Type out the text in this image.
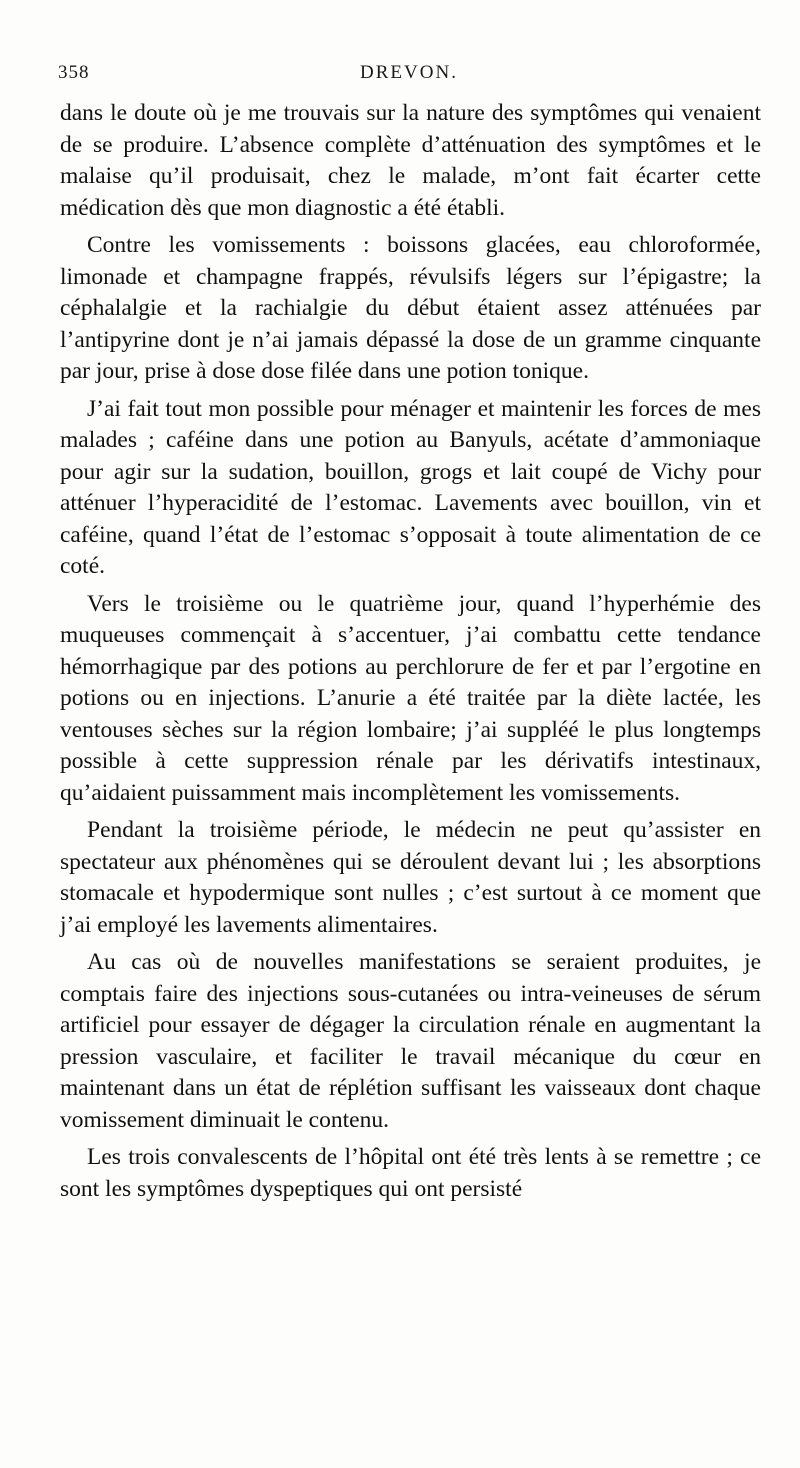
358	DREVON.

dans le doute où je me trouvais sur la nature des symptômes qui venaient de se produire. L’absence complète d’atténuation des symptômes et le malaise qu’il produisait, chez le malade, m’ont fait écarter cette médication dès que mon diagnostic a été établi.

Contre les vomissements : boissons glacées, eau chloroformée, limonade et champagne frappés, révulsifs légers sur l’épigastre; la céphalalgie et la rachialgie du début étaient assez atténuées par l’antipyrine dont je n’ai jamais dépassé la dose de un gramme cinquante par jour, prise à dose dose filée dans une potion tonique.

J’ai fait tout mon possible pour ménager et maintenir les forces de mes malades ; caféine dans une potion au Banyuls, acétate d’ammoniaque pour agir sur la sudation, bouillon, grogs et lait coupé de Vichy pour atténuer l’hyperacidité de l’estomac. Lavements avec bouillon, vin et caféine, quand l’état de l’estomac s’opposait à toute alimentation de ce coté.

Vers le troisième ou le quatrième jour, quand l’hyperhémie des muqueuses commençait à s’accentuer, j’ai combattu cette tendance hémorrhagique par des potions au perchlorure de fer et par l’ergotine en potions ou en injections. L’anurie a été traitée par la diète lactée, les ventouses sèches sur la région lombaire; j’ai suppléé le plus longtemps possible à cette suppression rénale par les dérivatifs intestinaux, qu’aidaient puissamment mais incomplètement les vomissements.

Pendant la troisième période, le médecin ne peut qu’assister en spectateur aux phénomènes qui se déroulent devant lui ; les absorptions stomacale et hypodermique sont nulles ; c’est surtout à ce moment que j’ai employé les lavements alimentaires.

Au cas où de nouvelles manifestations se seraient produites, je comptais faire des injections sous-cutanées ou intra-veineuses de sérum artificiel pour essayer de dégager la circulation rénale en augmentant la pression vasculaire, et faciliter le travail mécanique du cœur en maintenant dans un état de réplétion suffisant les vaisseaux dont chaque vomissement diminuait le contenu.

Les trois convalescents de l’hôpital ont été très lents à se remettre ; ce sont les symptômes dyspeptiques qui ont persisté
